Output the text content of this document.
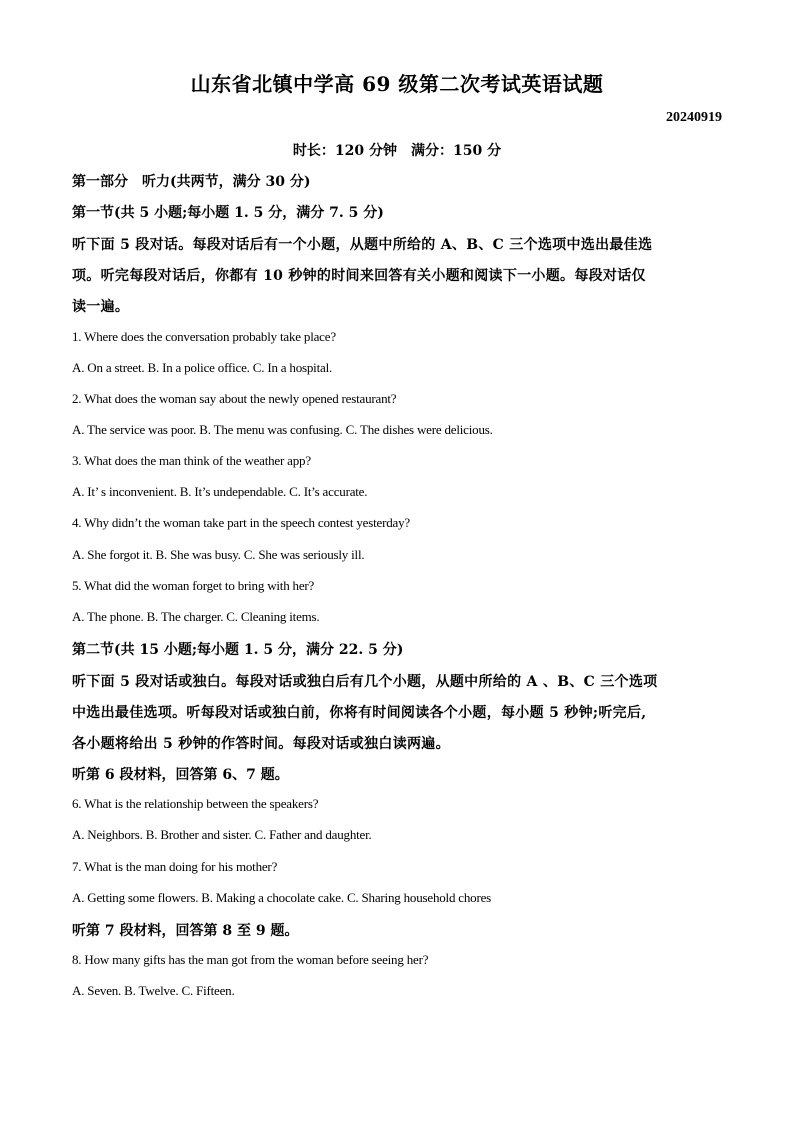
山东省北镇中学高 69 级第二次考试英语试题
20240919
时长：120 分钟　满分：150 分
第一部分　听力(共两节，满分 30 分)
第一节(共 5 小题;每小题 1. 5 分，满分 7. 5 分)
听下面 5 段对话。每段对话后有一个小题，从题中所给的 A、B、C 三个选项中选出最佳选
项。听完每段对话后，你都有 10 秒钟的时间来回答有关小题和阅读下一小题。每段对话仅
读一遍。
1. Where does the conversation probably take place?
A. On a street. B. In a police office. C. In a hospital.
2. What does the woman say about the newly opened restaurant?
A. The service was poor. B. The menu was confusing. C. The dishes were delicious.
3. What does the man think of the weather app?
A. It’ s inconvenient. B. It’s undependable. C. It’s accurate.
4. Why didn’t the woman take part in the speech contest yesterday?
A. She forgot it. B. She was busy. C. She was seriously ill.
5. What did the woman forget to bring with her?
A. The phone. B. The charger. C. Cleaning items.
第二节(共 15 小题;每小题 1. 5 分，满分 22. 5 分)
听下面 5 段对话或独白。每段对话或独白后有几个小题，从题中所给的 A 、B、C 三个选项
中选出最佳选项。听每段对话或独白前，你将有时间阅读各个小题，每小题 5 秒钟;听完后,
各小题将给出 5 秒钟的作答时间。每段对话或独白读两遍。
听第 6 段材料，回答第 6、7 题。
6. What is the relationship between the speakers?
A. Neighbors. B. Brother and sister. C. Father and daughter.
7. What is the man doing for his mother?
A. Getting some flowers. B. Making a chocolate cake. C. Sharing household chores
听第 7 段材料，回答第 8 至 9 题。
8. How many gifts has the man got from the woman before seeing her?
A. Seven. B. Twelve. C. Fifteen.
